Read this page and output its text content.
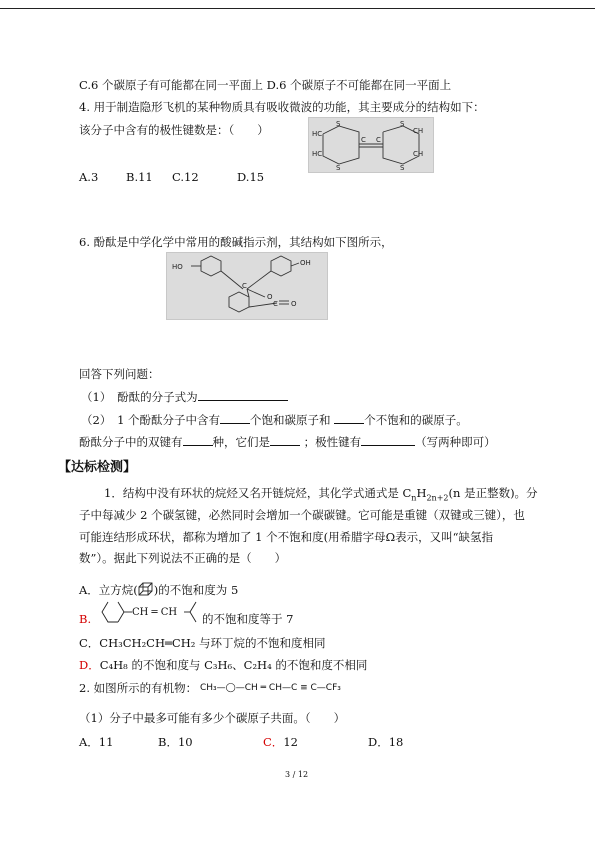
C.6 个碳原子有可能都在同一平面上 D.6 个碳原子不可能都在同一平面上
4. 用于制造隐形飞机的某种物质具有吸收微波的功能，其主要成分的结构如下：
该分子中含有的极性键数是：（　　）	HC
HC
S
S
C C
S
S
CH
CH
A.3 B.11 C.12	D.15
6. 酚酞是中学化学中常用的酸碱指示剂，其结构如下图所示，
HO	OH
C
O
C O
回答下列问题：
（1）　酚酞的分子式为
（2）　1 个酚酞分子中含有	个饱和碳原子和	个不饱和的碳原子。
酚酞分子中的双键有	种，它们是	；极性键有	（写两种即可）
【达标检测】
1．结构中没有环状的烷烃又名开链烷烃，其化学式通式是 $C_nH_{2n+2}(n$ 是正整数)。分
子中每减少 2 个碳氢键，必然同时会增加一个碳碳键。它可能是重键（双键或三键），也
可能连结形成环状，都称为增加了 1 个不饱和度(用希腊字母Ω表示，又叫“缺氢指
数”）。据此下列说法不正确的是（　　）
A．立方烷( )的不饱和度为 5
B.	CH ═ CH 的不饱和度等于 7
C．CH₃CH₂CH═CH₂ 与环丁烷的不饱和度相同
D．C₄H₈ 的不饱和度与 C₃H₆、C₂H₄ 的不饱和度不相同
2. 如图所示的有机物： CH₃—◯—CH ═ CH—C ≡ C—CF₃
（1）分子中最多可能有多少个碳原子共面。（　　）
A．11	B．10	C．12	D．18
3 / 12
